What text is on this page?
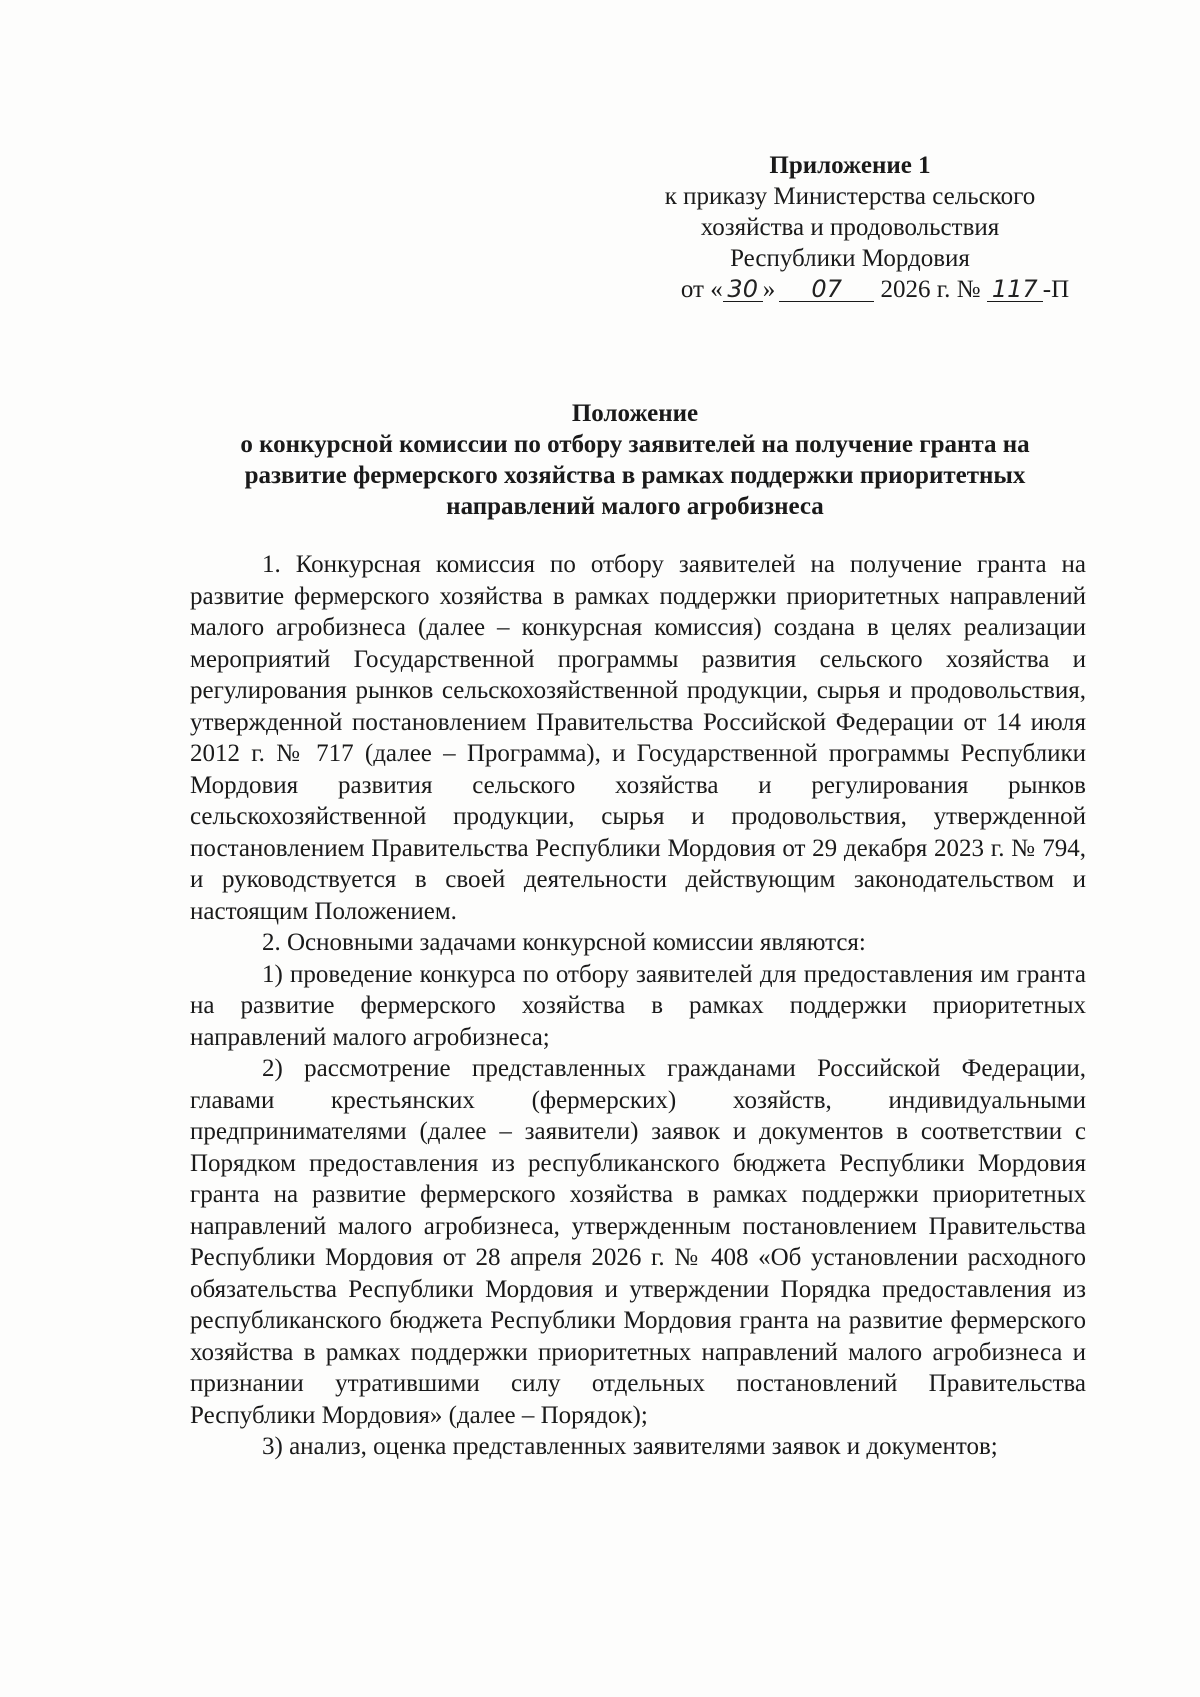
Приложение 1
к приказу Министерства сельского
хозяйства и продовольствия
Республики Мордовия
от « 30 » 07 2026 г. № 117 -П
Положение
о конкурсной комиссии по отбору заявителей на получение гранта на
развитие фермерского хозяйства в рамках поддержки приоритетных
направлений малого агробизнеса

1. Конкурсная комиссия по отбору заявителей на получение гранта на развитие фермерского хозяйства в рамках поддержки приоритетных направлений малого агробизнеса (далее – конкурсная комиссия) создана в целях реализации мероприятий Государственной программы развития сельского хозяйства и регулирования рынков сельскохозяйственной продукции, сырья и продовольствия, утвержденной постановлением Правительства Российской Федерации от 14 июля 2012 г. № 717 (далее – Программа), и Государственной программы Республики Мордовия развития сельского хозяйства и регулирования рынков сельскохозяйственной продукции, сырья и продовольствия, утвержденной постановлением Правительства Республики Мордовия от 29 декабря 2023 г. № 794, и руководствуется в своей деятельности действующим законодательством и настоящим Положением.

2. Основными задачами конкурсной комиссии являются:

1) проведение конкурса по отбору заявителей для предоставления им гранта на развитие фермерского хозяйства в рамках поддержки приоритетных направлений малого агробизнеса;

2) рассмотрение представленных гражданами Российской Федерации, главами крестьянских (фермерских) хозяйств, индивидуальными предпринимателями (далее – заявители) заявок и документов в соответствии с Порядком предоставления из республиканского бюджета Республики Мордовия гранта на развитие фермерского хозяйства в рамках поддержки приоритетных направлений малого агробизнеса, утвержденным постановлением Правительства Республики Мордовия от 28 апреля 2026 г. № 408 «Об установлении расходного обязательства Республики Мордовия и утверждении Порядка предоставления из республиканского бюджета Республики Мордовия гранта на развитие фермерского хозяйства в рамках поддержки приоритетных направлений малого агробизнеса и признании утратившими силу отдельных постановлений Правительства Республики Мордовия» (далее – Порядок);

3) анализ, оценка представленных заявителями заявок и документов;
